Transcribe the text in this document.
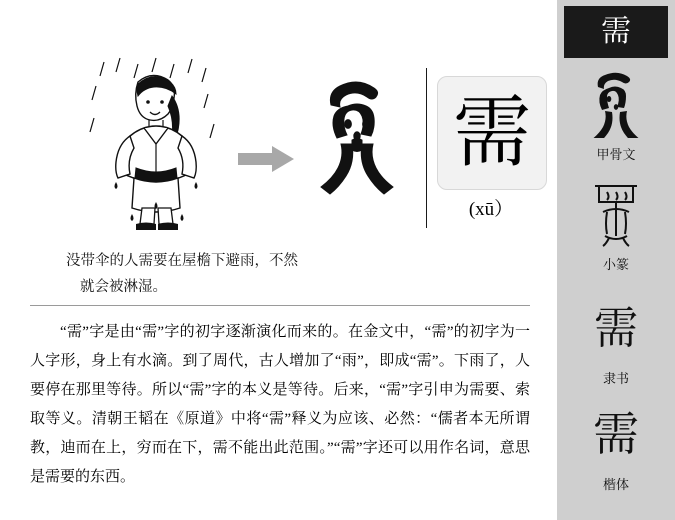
需
(xū）
没带伞的人需要在屋檐下避雨，不然
就会被淋湿。
“需”字是由“需”字的初字逐渐演化而来的。在金文中，“需”的初字为一人字形，身上有水滴。到了周代，古人增加了“雨”，即成“需”。下雨了，人要停在那里等待。所以“需”字的本义是等待。后来，“需”字引申为需要、索取等义。清朝王韬在《原道》中将“需”释义为应该、必然：“儒者本无所谓教，迪而在上，穷而在下，需不能出此范围。”“需”字还可以用作名词，意思是需要的东西。
需
甲骨文
小篆
需
隶书
需
楷体
